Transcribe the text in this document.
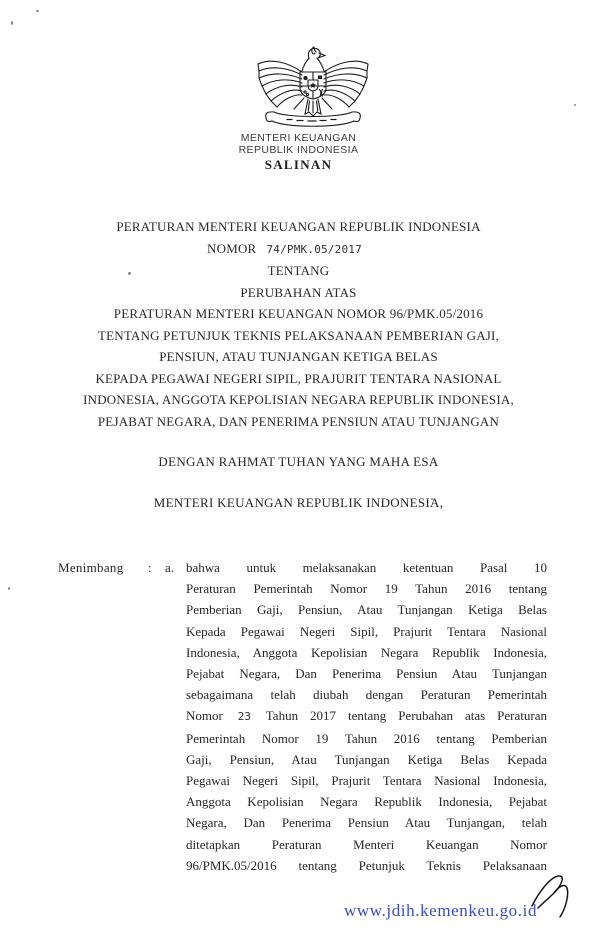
MENTERI KEUANGAN
REPUBLIK INDONESIA
SALINAN
PERATURAN MENTERI KEUANGAN REPUBLIK INDONESIA
NOMOR 74/PMK.05/2017
TENTANG
PERUBAHAN ATAS
PERATURAN MENTERI KEUANGAN NOMOR 96/PMK.05/2016
TENTANG PETUNJUK TEKNIS PELAKSANAAN PEMBERIAN GAJI,
PENSIUN, ATAU TUNJANGAN KETIGA BELAS
KEPADA PEGAWAI NEGERI SIPIL, PRAJURIT TENTARA NASIONAL
INDONESIA, ANGGOTA KEPOLISIAN NEGARA REPUBLIK INDONESIA,
PEJABAT NEGARA, DAN PENERIMA PENSIUN ATAU TUNJANGAN
DENGAN RAHMAT TUHAN YANG MAHA ESA
MENTERI KEUANGAN REPUBLIK INDONESIA,
Menimbang	:	a. bahwa untuk melaksanakan ketentuan Pasal 10
Peraturan Pemerintah Nomor 19 Tahun 2016 tentang
Pemberian Gaji, Pensiun, Atau Tunjangan Ketiga Belas
Kepada Pegawai Negeri Sipil, Prajurit Tentara Nasional
Indonesia, Anggota Kepolisian Negara Republik Indonesia,
Pejabat Negara, Dan Penerima Pensiun Atau Tunjangan
sebagaimana telah diubah dengan Peraturan Pemerintah
Nomor 23 Tahun 2017 tentang Perubahan atas Peraturan
Pemerintah Nomor 19 Tahun 2016 tentang Pemberian
Gaji, Pensiun, Atau Tunjangan Ketiga Belas Kepada
Pegawai Negeri Sipil, Prajurit Tentara Nasional Indonesia,
Anggota Kepolisian Negara Republik Indonesia, Pejabat
Negara, Dan Penerima Pensiun Atau Tunjangan, telah
ditetapkan Peraturan Menteri Keuangan Nomor
96/PMK.05/2016 tentang Petunjuk Teknis Pelaksanaan
www.jdih.kemenkeu.go.id
